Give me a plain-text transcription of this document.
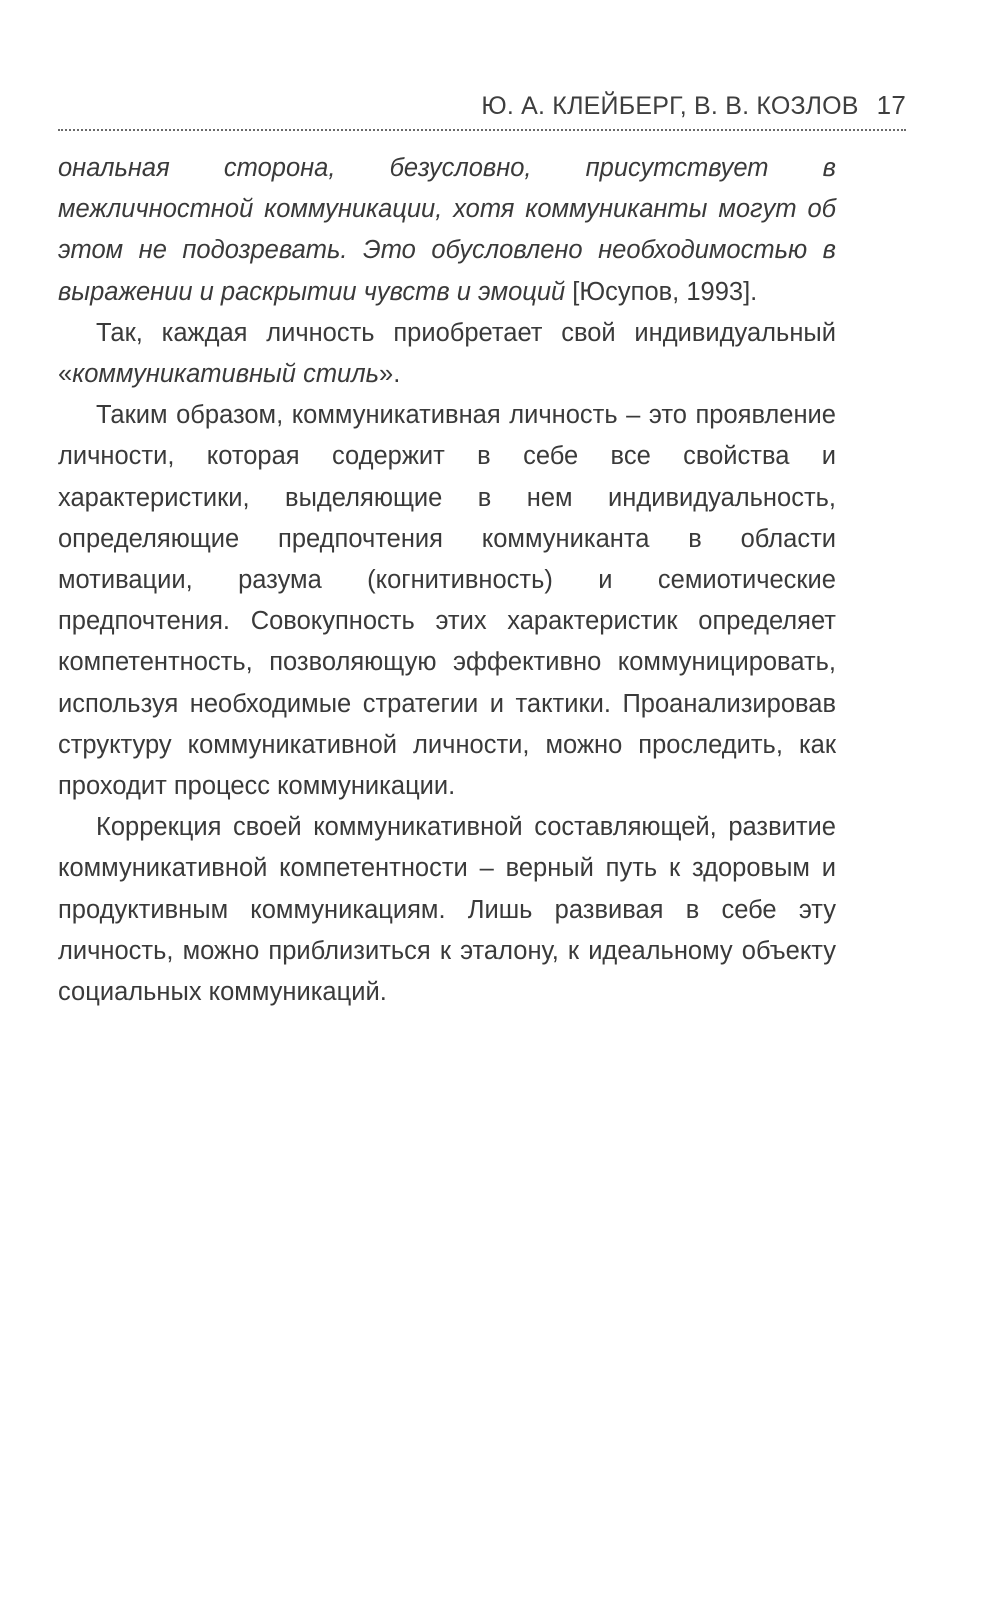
Ю. А. КЛЕЙБЕРГ, В. В. КОЗЛОВ 17

ональная сторона, безусловно, присутствует в межличностной коммуникации, хотя коммуниканты могут об этом не подозревать. Это обусловлено необходимостью в выражении и раскрытии чувств и эмоций [Юсупов, 1993].

Так, каждая личность приобретает свой индивидуальный «коммуникативный стиль».

Таким образом, коммуникативная личность – это проявление личности, которая содержит в себе все свойства и характеристики, выделяющие в нем индивидуальность, определяющие предпочтения коммуниканта в области мотивации, разума (когнитивность) и семиотические предпочтения. Совокупность этих характеристик определяет компетентность, позволяющую эффективно коммуницировать, используя необходимые стратегии и тактики. Проанализировав структуру коммуникативной личности, можно проследить, как проходит процесс коммуникации.

Коррекция своей коммуникативной составляющей, развитие коммуникативной компетентности – верный путь к здоровым и продуктивным коммуникациям. Лишь развивая в себе эту личность, можно приблизиться к эталону, к идеальному объекту социальных коммуникаций.
